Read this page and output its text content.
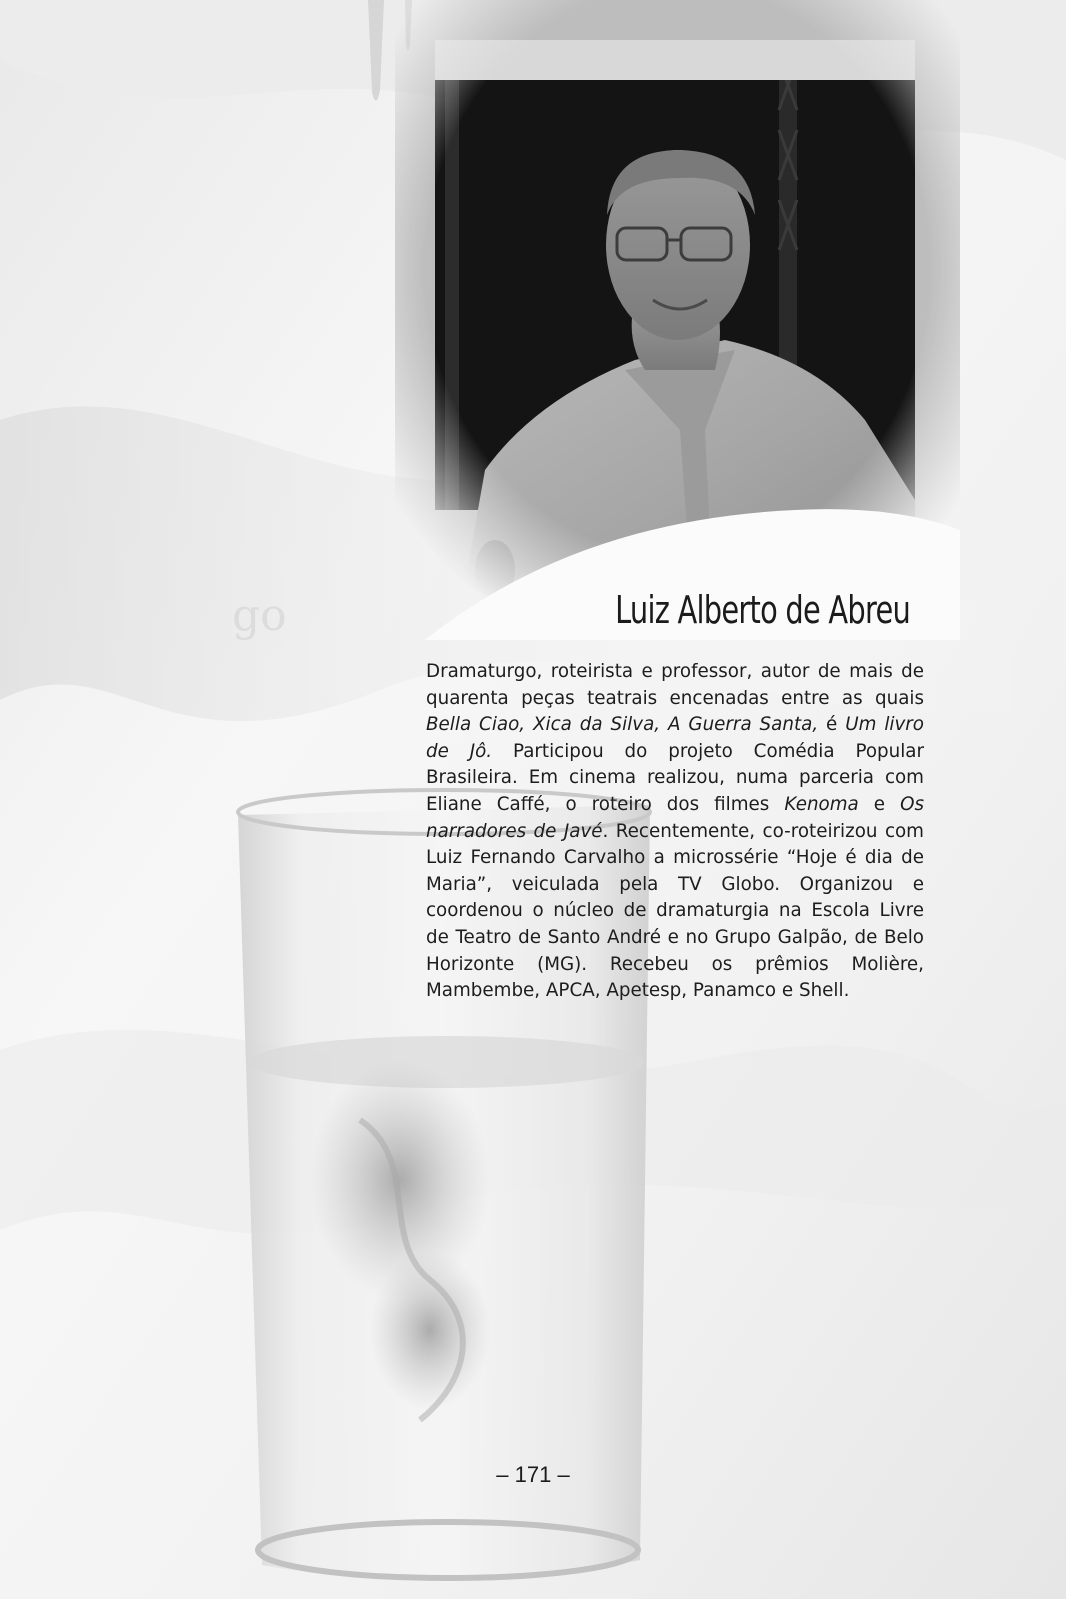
go	Luiz Alberto de Abreu

Dramaturgo, roteirista e professor, autor de mais de quarenta peças teatrais encenadas entre as quais Bella Ciao, Xica da Silva, A Guerra Santa, é Um livro de Jô. Participou do projeto Comédia Popular Brasileira. Em cinema realizou, numa parceria com Eliane Caffé, o roteiro dos filmes Kenoma e Os narradores de Javé. Recentemente, co-roteirizou com Luiz Fernando Carvalho a microssérie “Hoje é dia de Maria”, veiculada pela TV Globo. Organizou e coordenou o núcleo de dramaturgia na Escola Livre de Teatro de Santo André e no Grupo Galpão, de Belo Horizonte (MG). Recebeu os prêmios Molière, Mambembe, APCA, Apetesp, Panamco e Shell.

– 171 –
